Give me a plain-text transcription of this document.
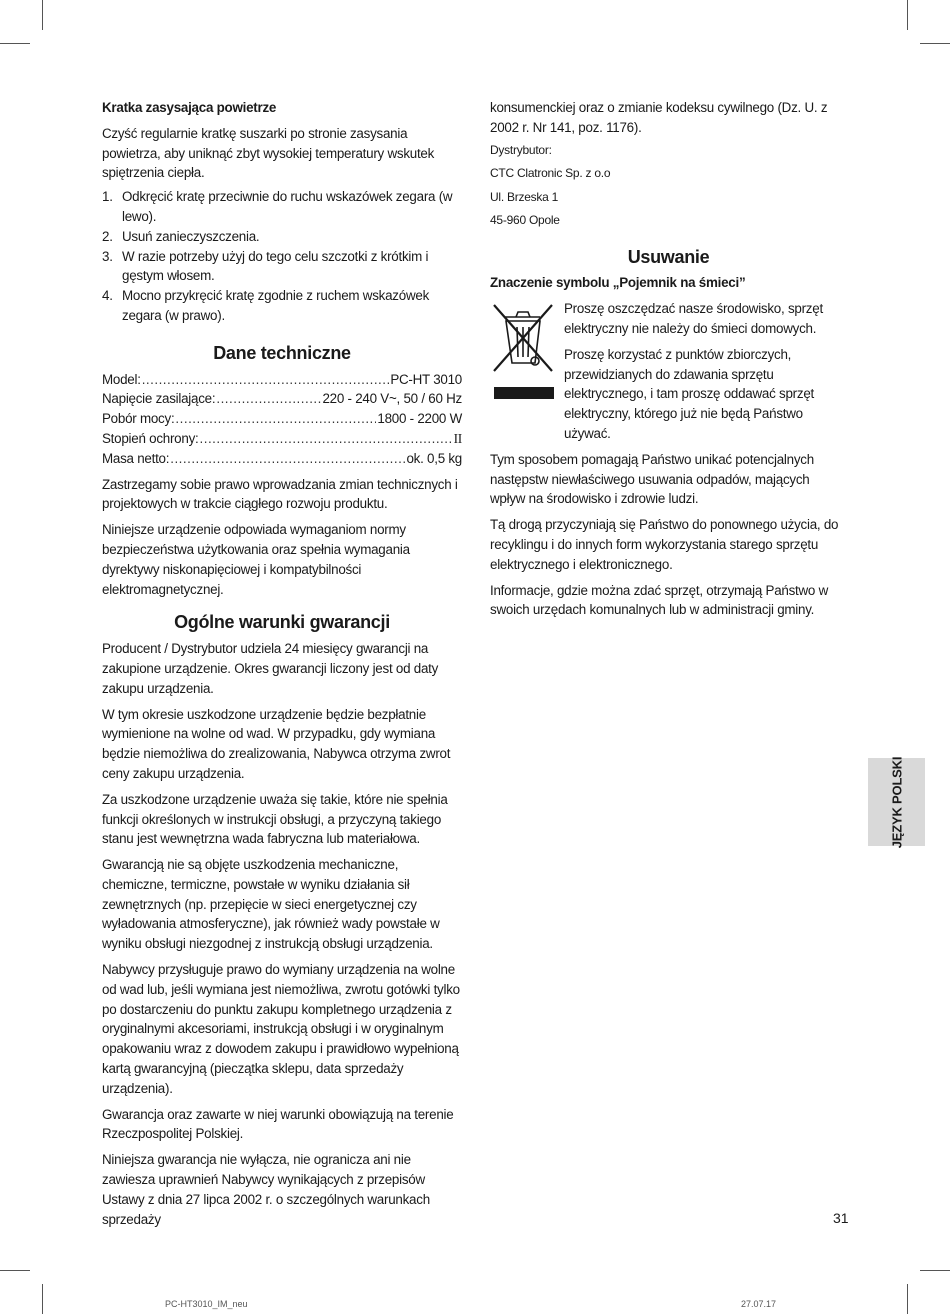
Kratka zasysająca powietrze

Czyść regularnie kratkę suszarki po stronie zasysania powietrza, aby uniknąć zbyt wysokiej temperatury wskutek spiętrzenia ciepła.

1. Odkręcić kratę przeciwnie do ruchu wskazówek zegara (w lewo).
2. Usuń zanieczyszczenia.
3. W razie potrzeby użyj do tego celu szczotki z krótkim i gęstym włosem.
4. Mocno przykręcić kratę zgodnie z ruchem wskazówek zegara (w prawo).
Dane techniczne
Model: .....	PC-HT 3010
Napięcie zasilające: .....	220 - 240 V~, 50 / 60 Hz
Pobór mocy: .....	1800 - 2200 W
Stopień ochrony: .....	II
Masa netto: .....	ok. 0,5 kg

Zastrzegamy sobie prawo wprowadzania zmian technicznych i projektowych w trakcie ciągłego rozwoju produktu.

Niniejsze urządzenie odpowiada wymaganiom normy bezpieczeństwa użytkowania oraz spełnia wymagania dyrektywy niskonapięciowej i kompatybilności elektromagnetycznej.

Ogólne warunki gwarancji

Producent / Dystrybutor udziela 24 miesięcy gwarancji na zakupione urządzenie. Okres gwarancji liczony jest od daty zakupu urządzenia.

W tym okresie uszkodzone urządzenie będzie bezpłatnie wymienione na wolne od wad. W przypadku, gdy wymiana będzie niemożliwa do zrealizowania, Nabywca otrzyma zwrot ceny zakupu urządzenia.

Za uszkodzone urządzenie uważa się takie, które nie spełnia funkcji określonych w instrukcji obsługi, a przyczyną takiego stanu jest wewnętrzna wada fabryczna lub materiałowa.

Gwarancją nie są objęte uszkodzenia mechaniczne, chemiczne, termiczne, powstałe w wyniku działania sił zewnętrznych (np. przepięcie w sieci energetycznej czy wyładowania atmosferyczne), jak również wady powstałe w wyniku obsługi niezgodnej z instrukcją obsługi urządzenia.

Nabywcy przysługuje prawo do wymiany urządzenia na wolne od wad lub, jeśli wymiana jest niemożliwa, zwrotu gotówki tylko po dostarczeniu do punktu zakupu kompletnego urządzenia z oryginalnymi akcesoriami, instrukcją obsługi i w oryginalnym opakowaniu wraz z dowodem zakupu i prawidłowo wypełnioną kartą gwarancyjną (pieczątka sklepu, data sprzedaży urządzenia).

Gwarancja oraz zawarte w niej warunki obowiązują na terenie Rzeczpospolitej Polskiej.

Niniejsza gwarancja nie wyłącza, nie ogranicza ani nie zawiesza uprawnień Nabywcy wynikających z przepisów Ustawy z dnia 27 lipca 2002 r. o szczególnych warunkach sprzedaży

konsumenckiej oraz o zmianie kodeksu cywilnego (Dz. U. z 2002 r. Nr 141, poz. 1176).

Dystrybutor:

CTC Clatronic Sp. z o.o

Ul. Brzeska 1

45-960 Opole

Usuwanie

Znaczenie symbolu „Pojemnik na śmieci”

Proszę oszczędzać nasze środowisko, sprzęt elektryczny nie należy do śmieci domowych.

Proszę korzystać z punktów zbiorczych, przewidzianych do zdawania sprzętu elektrycznego, i tam proszę oddawać sprzęt elektryczny, którego już nie będą Państwo używać.

Tym sposobem pomagają Państwo unikać potencjalnych następstw niewłaściwego usuwania odpadów, mających wpływ na środowisko i zdrowie ludzi.

Tą drogą przyczyniają się Państwo do ponownego użycia, do recyklingu i do innych form wykorzystania starego sprzętu elektrycznego i elektronicznego.

Informacje, gdzie można zdać sprzęt, otrzymają Państwo w swoich urzędach komunalnych lub w administracji gminy.

JĘZYK POLSKI
31
PC-HT3010_IM_neu	27.07.17
